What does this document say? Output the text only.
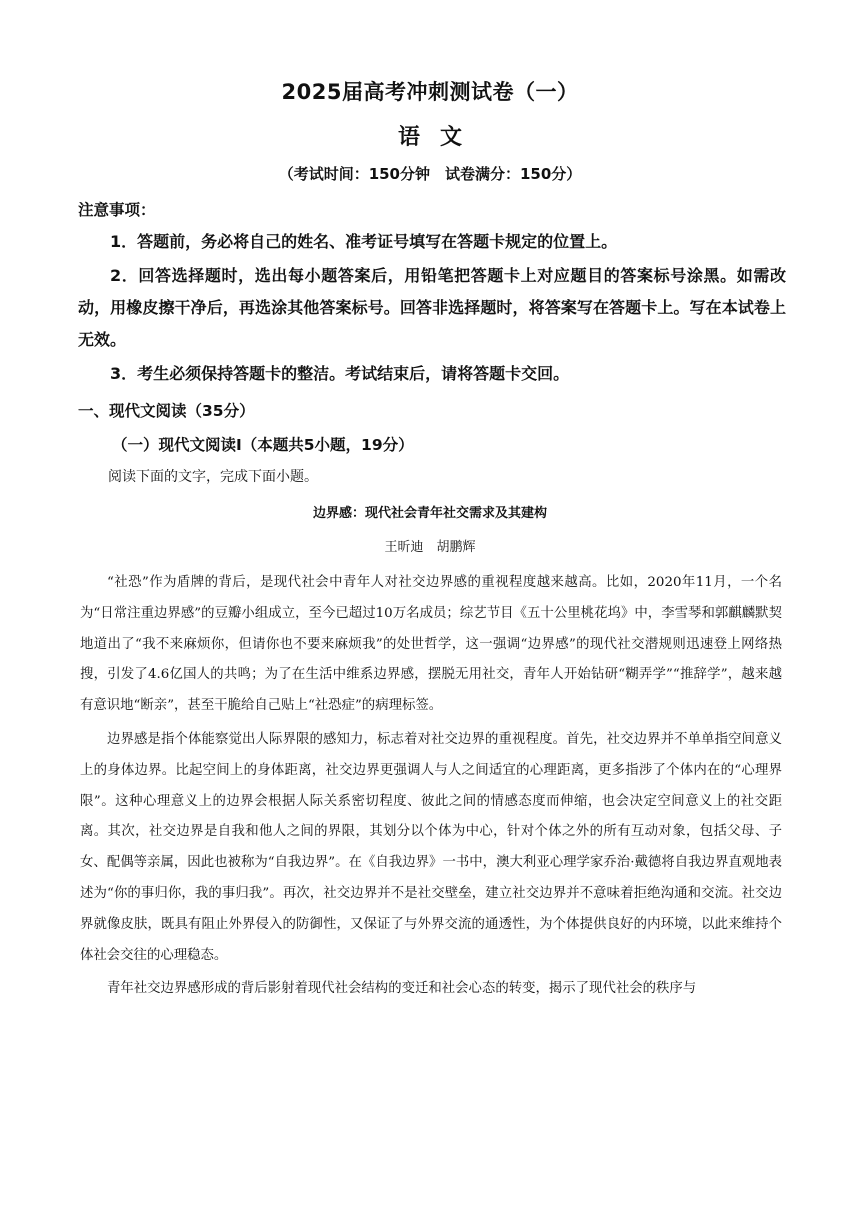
2025届高考冲刺测试卷（一）
语文
（考试时间：150分钟　试卷满分：150分）
注意事项：

1．答题前，务必将自己的姓名、准考证号填写在答题卡规定的位置上。

2．回答选择题时，选出每小题答案后，用铅笔把答题卡上对应题目的答案标号涂黑。如需改动，用橡皮擦干净后，再选涂其他答案标号。回答非选择题时，将答案写在答题卡上。写在本试卷上无效。

3．考生必须保持答题卡的整洁。考试结束后，请将答题卡交回。

一、现代文阅读（35分）
（一）现代文阅读Ⅰ（本题共5小题，19分）
阅读下面的文字，完成下面小题。
边界感：现代社会青年社交需求及其建构
王昕迪　胡鹏辉

“社恐”作为盾牌的背后，是现代社会中青年人对社交边界感的重视程度越来越高。比如，2020年11月，一个名为“日常注重边界感”的豆瓣小组成立，至今已超过10万名成员；综艺节目《五十公里桃花坞》中，李雪琴和郭麒麟默契地道出了“我不来麻烦你，但请你也不要来麻烦我”的处世哲学，这一强调“边界感”的现代社交潜规则迅速登上网络热搜，引发了4.6亿国人的共鸣；为了在生活中维系边界感，摆脱无用社交，青年人开始钻研“糊弄学”“推辞学”，越来越有意识地“断亲”，甚至干脆给自己贴上“社恐症”的病理标签。

边界感是指个体能察觉出人际界限的感知力，标志着对社交边界的重视程度。首先，社交边界并不单单指空间意义上的身体边界。比起空间上的身体距离，社交边界更强调人与人之间适宜的心理距离，更多指涉了个体内在的“心理界限”。这种心理意义上的边界会根据人际关系密切程度、彼此之间的情感态度而伸缩，也会决定空间意义上的社交距离。其次，社交边界是自我和他人之间的界限，其划分以个体为中心，针对个体之外的所有互动对象，包括父母、子女、配偶等亲属，因此也被称为“自我边界”。在《自我边界》一书中，澳大利亚心理学家乔治·戴德将自我边界直观地表述为“你的事归你，我的事归我”。再次，社交边界并不是社交壁垒，建立社交边界并不意味着拒绝沟通和交流。社交边界就像皮肤，既具有阻止外界侵入的防御性，又保证了与外界交流的通透性，为个体提供良好的内环境，以此来维持个体社会交往的心理稳态。

青年社交边界感形成的背后影射着现代社会结构的变迁和社会心态的转变，揭示了现代社会的秩序与
